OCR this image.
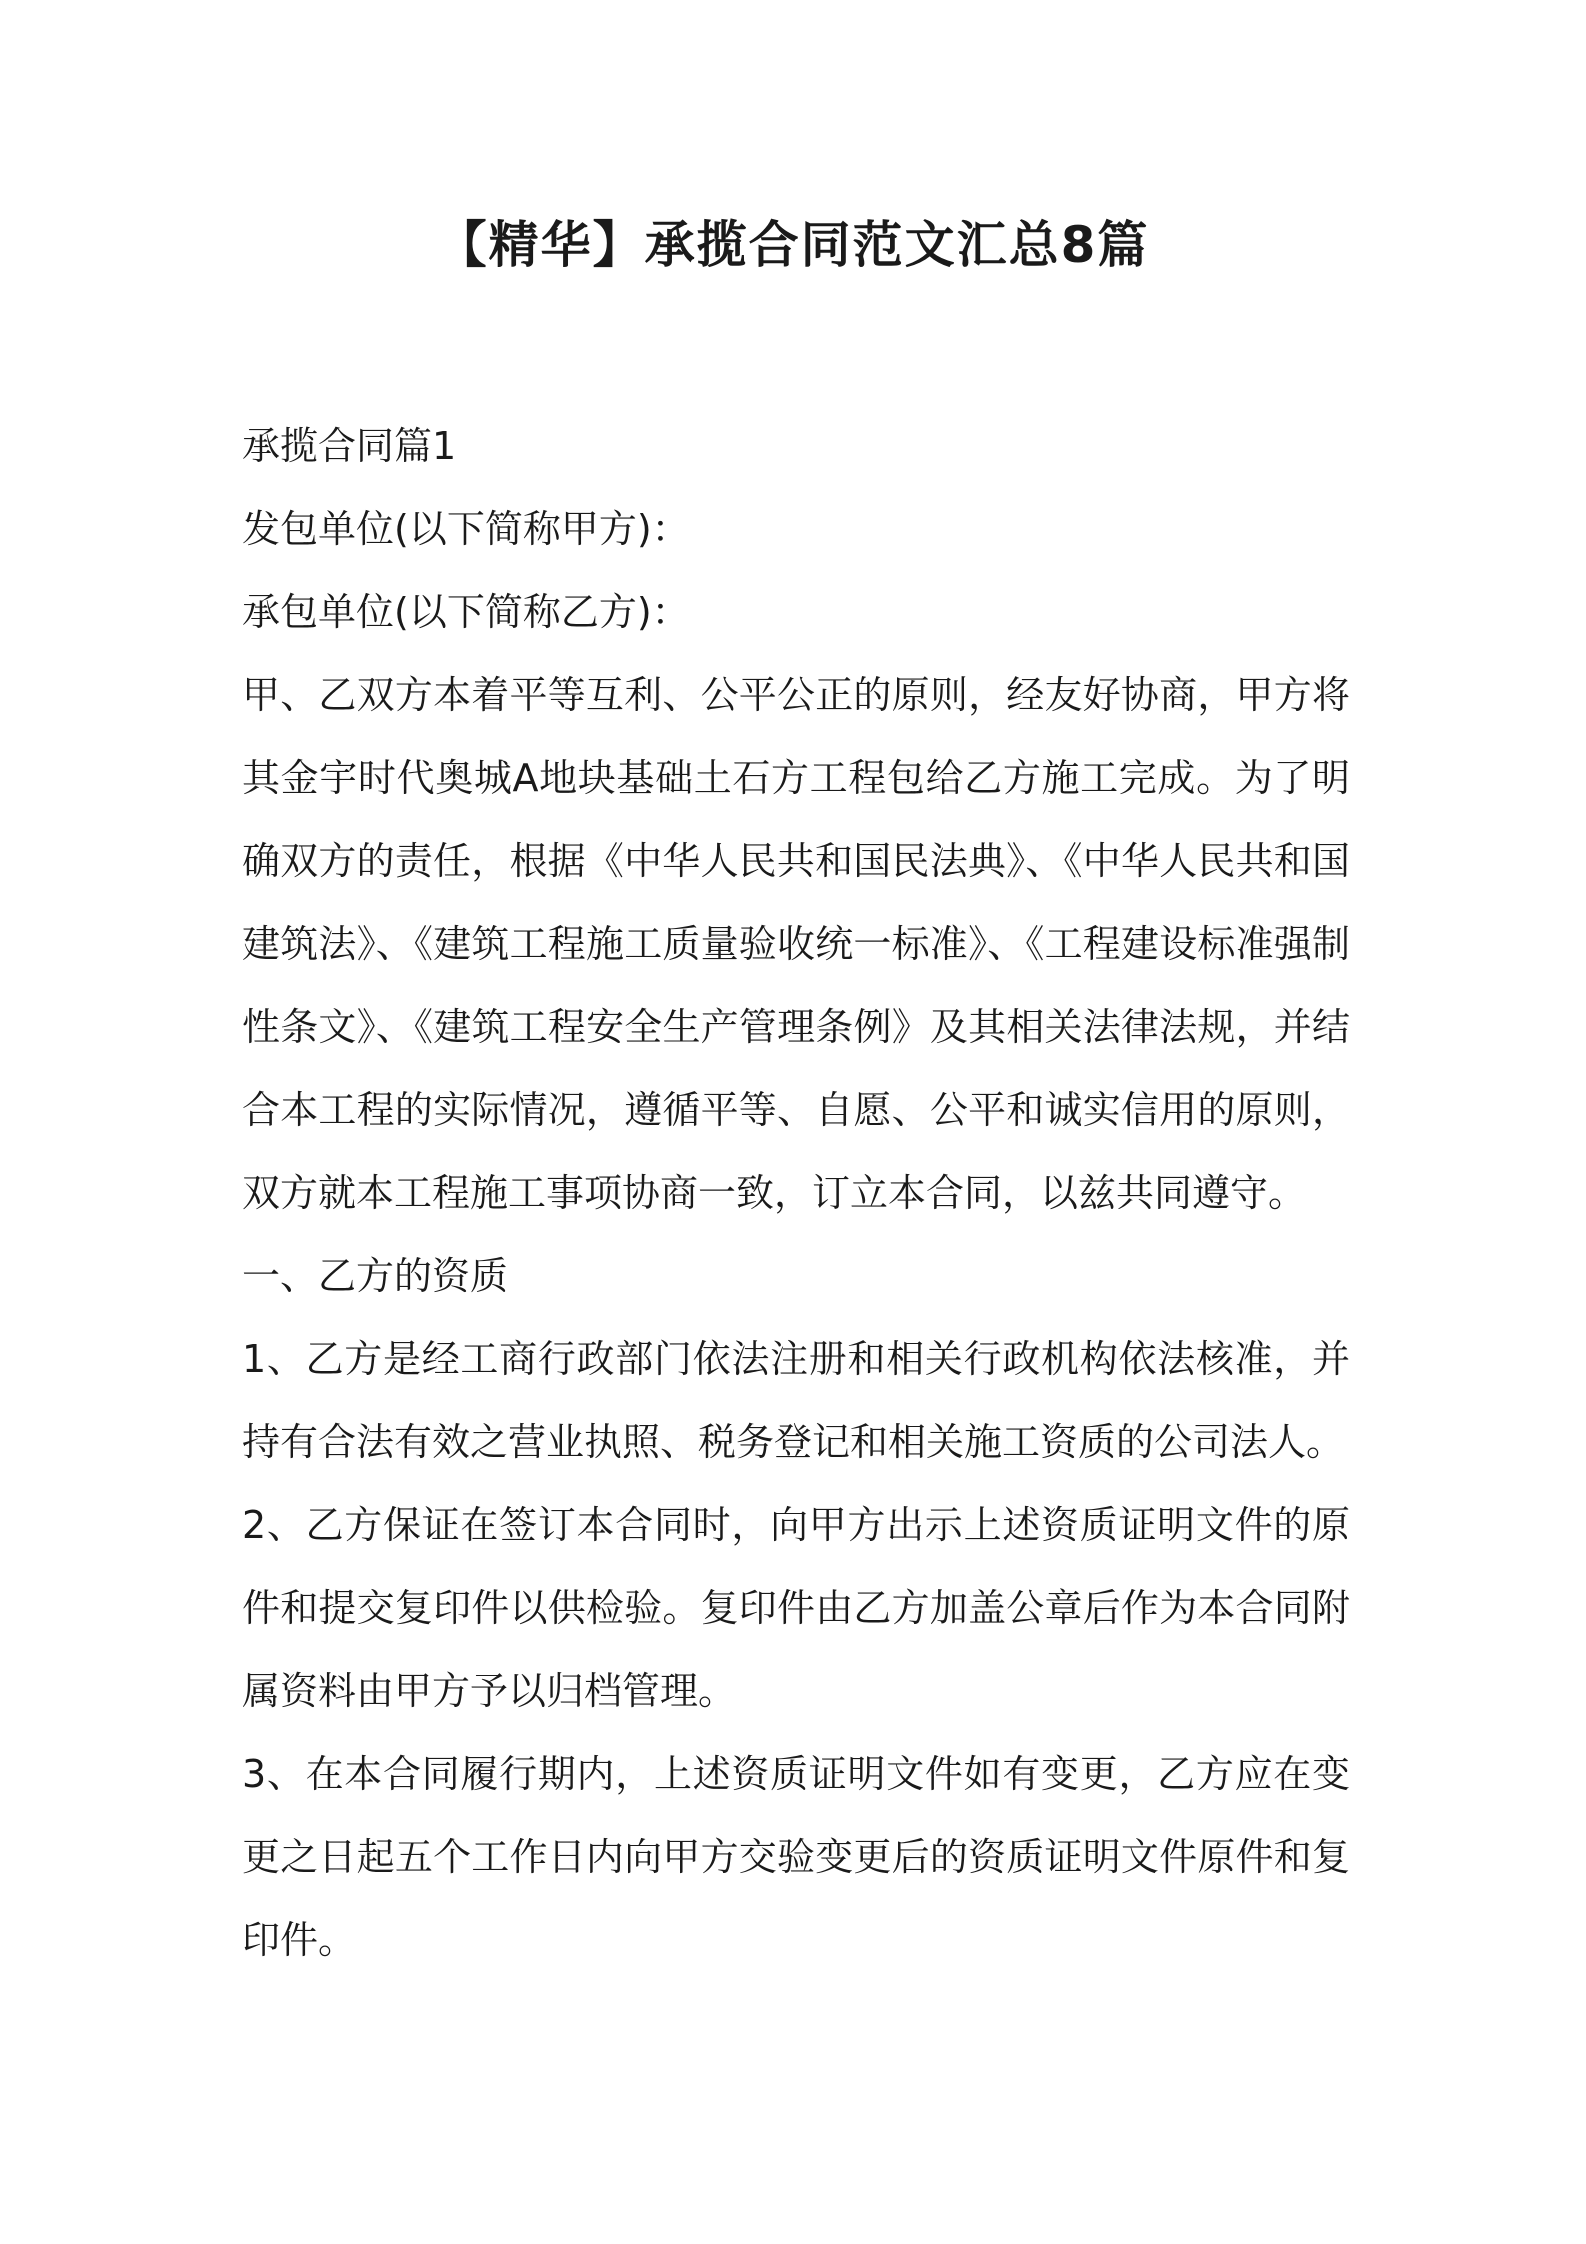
【精华】承揽合同范文汇总8篇

承揽合同篇1

发包单位(以下简称甲方)：

承包单位(以下简称乙方)：

甲、乙双方本着平等互利、公平公正的原则，经友好协商，甲方将其金宇时代奥城A地块基础土石方工程包给乙方施工完成。为了明确双方的责任，根据《中华人民共和国民法典》、《中华人民共和国建筑法》、《建筑工程施工质量验收统一标准》、《工程建设标准强制性条文》、《建筑工程安全生产管理条例》及其相关法律法规，并结合本工程的实际情况，遵循平等、自愿、公平和诚实信用的原则，双方就本工程施工事项协商一致，订立本合同，以兹共同遵守。

一、乙方的资质

1、乙方是经工商行政部门依法注册和相关行政机构依法核准，并持有合法有效之营业执照、税务登记和相关施工资质的公司法人。

2、乙方保证在签订本合同时，向甲方出示上述资质证明文件的原件和提交复印件以供检验。复印件由乙方加盖公章后作为本合同附属资料由甲方予以归档管理。

3、在本合同履行期内，上述资质证明文件如有变更，乙方应在变更之日起五个工作日内向甲方交验变更后的资质证明文件原件和复印件。
